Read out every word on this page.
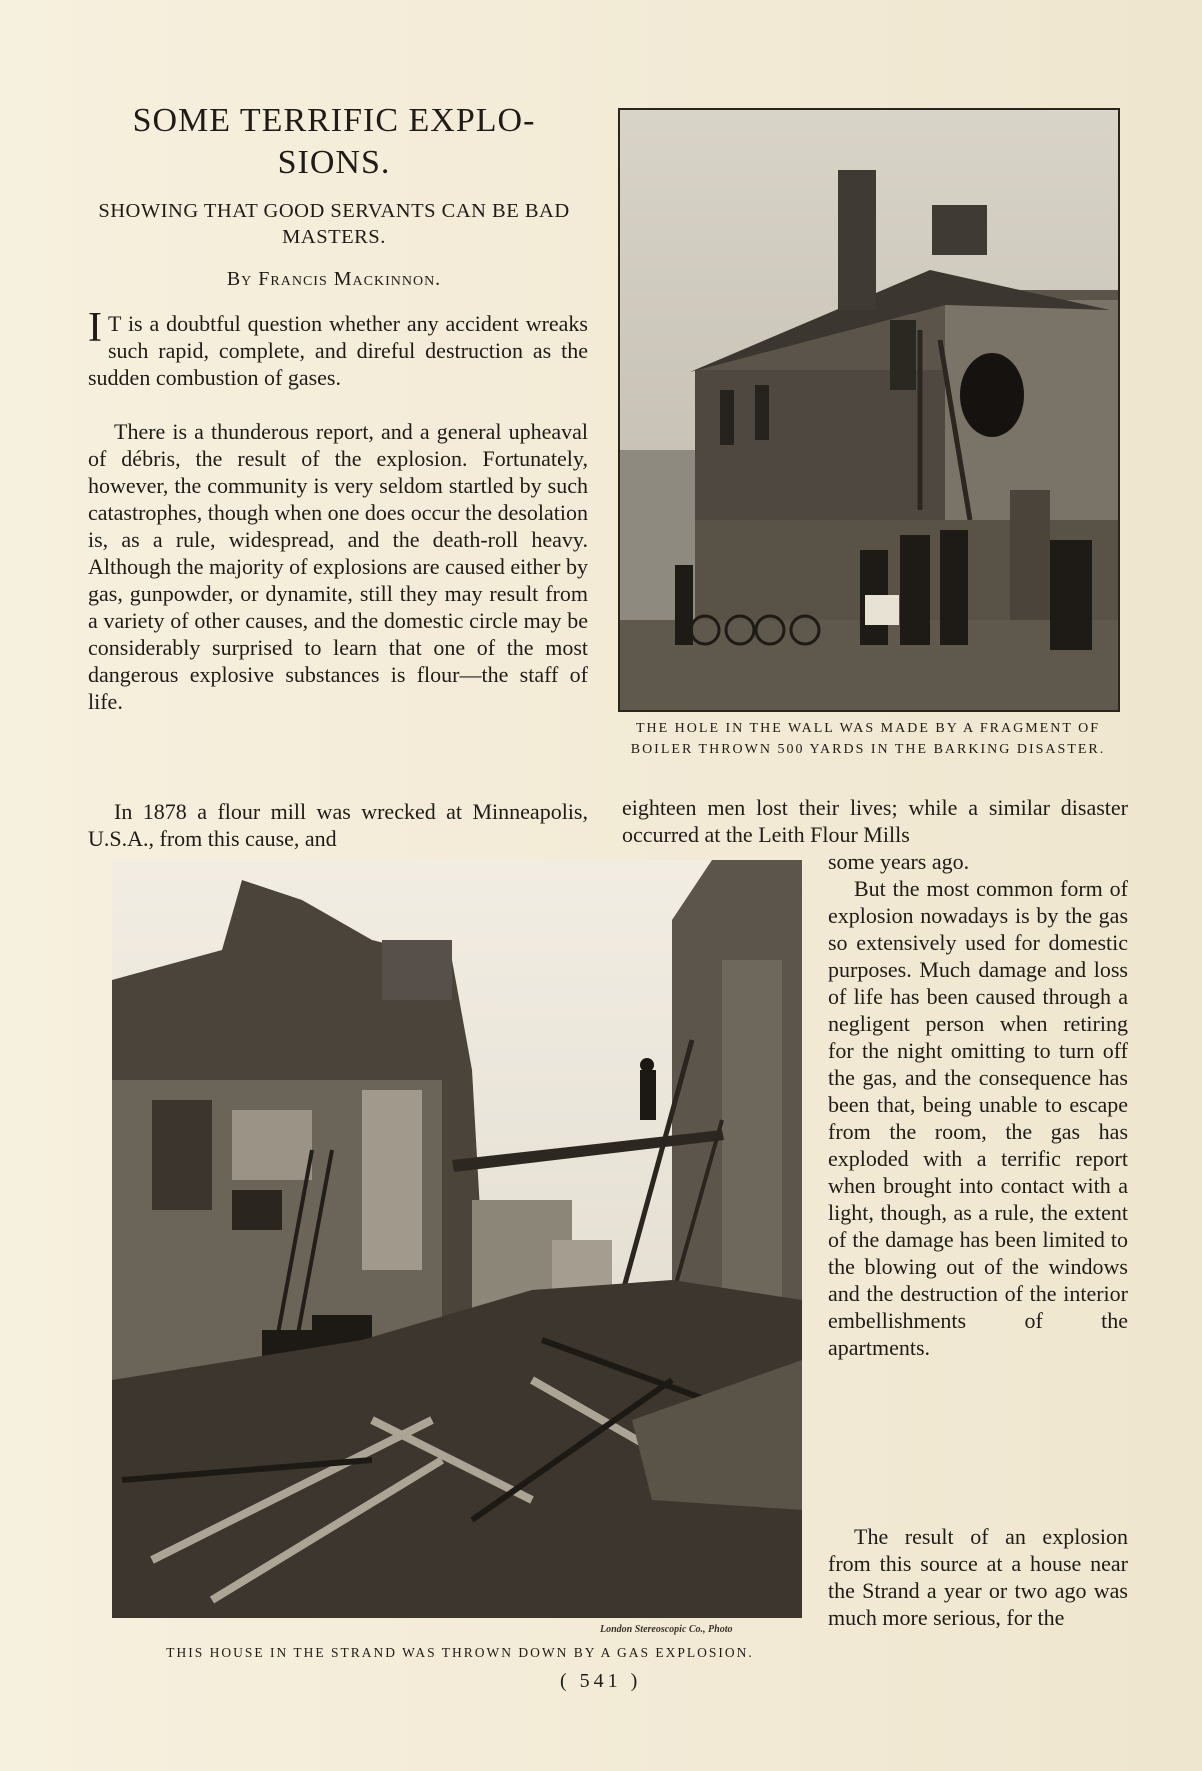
SOME TERRIFIC EXPLO-SIONS.
SHOWING THAT GOOD SERVANTS CAN BE BAD MASTERS.
By Francis Mackinnon.
I T is a doubtful question whether any accident wreaks such rapid, complete, and direful destruction as the sudden combustion of gases.
There is a thunderous report, and a general upheaval of débris, the result of the explosion. Fortunately, however, the community is very seldom startled by such catastrophes, though when one does occur the desolation is, as a rule, widespread, and the death-roll heavy. Although the majority of explosions are caused either by gas, gunpowder, or dynamite, still they may result from a variety of other causes, and the domestic circle may be considerably surprised to learn that one of the most dangerous explosive substances is flour—the staff of life.
In 1878 a flour mill was wrecked at Minneapolis, U.S.A., from this cause, and
eighteen men lost their lives; while a similar disaster occurred at the Leith Flour Mills
some years ago.
But the most common form of explosion nowadays is by the gas so extensively used for domestic purposes. Much damage and loss of life has been caused through a negligent person when retiring for the night omitting to turn off the gas, and the consequence has been that, being unable to escape from the room, the gas has exploded with a terrific report when brought into contact with a light, though, as a rule, the extent of the damage has been limited to the blowing out of the windows and the destruction of the interior embellishments of the apartments.
The result of an explosion from this source at a house near the Strand a year or two ago was much more serious, for the
THE HOLE IN THE WALL WAS MADE BY A FRAGMENT OF BOILER THROWN 500 YARDS IN THE BARKING DISASTER.
London Stereoscopic Co., Photo
THIS HOUSE IN THE STRAND WAS THROWN DOWN BY A GAS EXPLOSION.
( 541 )
